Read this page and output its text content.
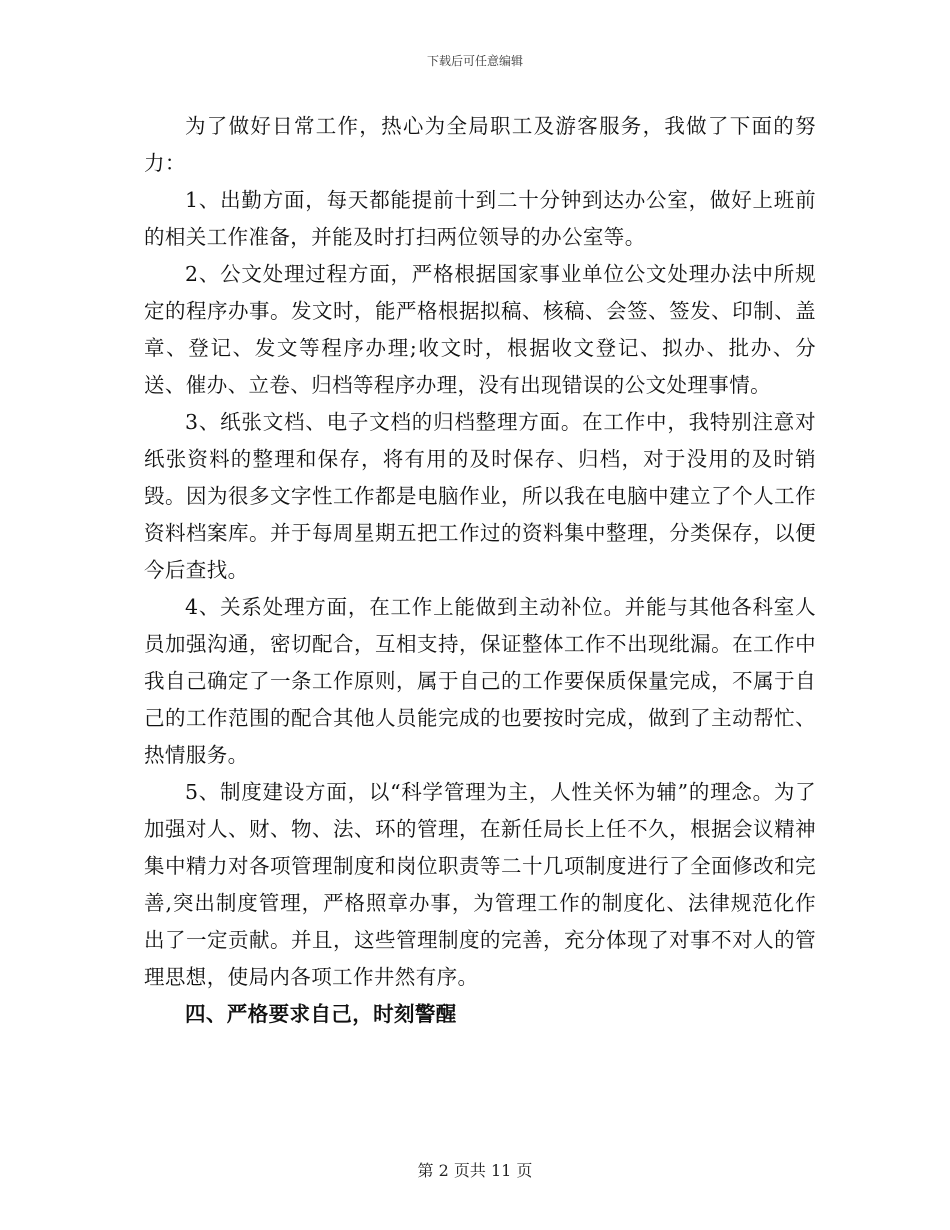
下载后可任意编辑

为了做好日常工作，热心为全局职工及游客服务，我做了下面的努力：

1、出勤方面，每天都能提前十到二十分钟到达办公室，做好上班前的相关工作准备，并能及时打扫两位领导的办公室等。

2、公文处理过程方面，严格根据国家事业单位公文处理办法中所规定的程序办事。发文时，能严格根据拟稿、核稿、会签、签发、印制、盖章、登记、发文等程序办理;收文时，根据收文登记、拟办、批办、分送、催办、立卷、归档等程序办理，没有出现错误的公文处理事情。

3、纸张文档、电子文档的归档整理方面。在工作中，我特别注意对纸张资料的整理和保存，将有用的及时保存、归档，对于没用的及时销毁。因为很多文字性工作都是电脑作业，所以我在电脑中建立了个人工作资料档案库。并于每周星期五把工作过的资料集中整理，分类保存，以便今后查找。

4、关系处理方面，在工作上能做到主动补位。并能与其他各科室人员加强沟通，密切配合，互相支持，保证整体工作不出现纰漏。在工作中我自己确定了一条工作原则，属于自己的工作要保质保量完成，不属于自己的工作范围的配合其他人员能完成的也要按时完成，做到了主动帮忙、热情服务。

5、制度建设方面，以“科学管理为主，人性关怀为辅”的理念。为了加强对人、财、物、法、环的管理，在新任局长上任不久，根据会议精神集中精力对各项管理制度和岗位职责等二十几项制度进行了全面修改和完善,突出制度管理，严格照章办事，为管理工作的制度化、法律规范化作出了一定贡献。并且，这些管理制度的完善，充分体现了对事不对人的管理思想，使局内各项工作井然有序。

四、严格要求自己，时刻警醒

第 2 页共 11 页
